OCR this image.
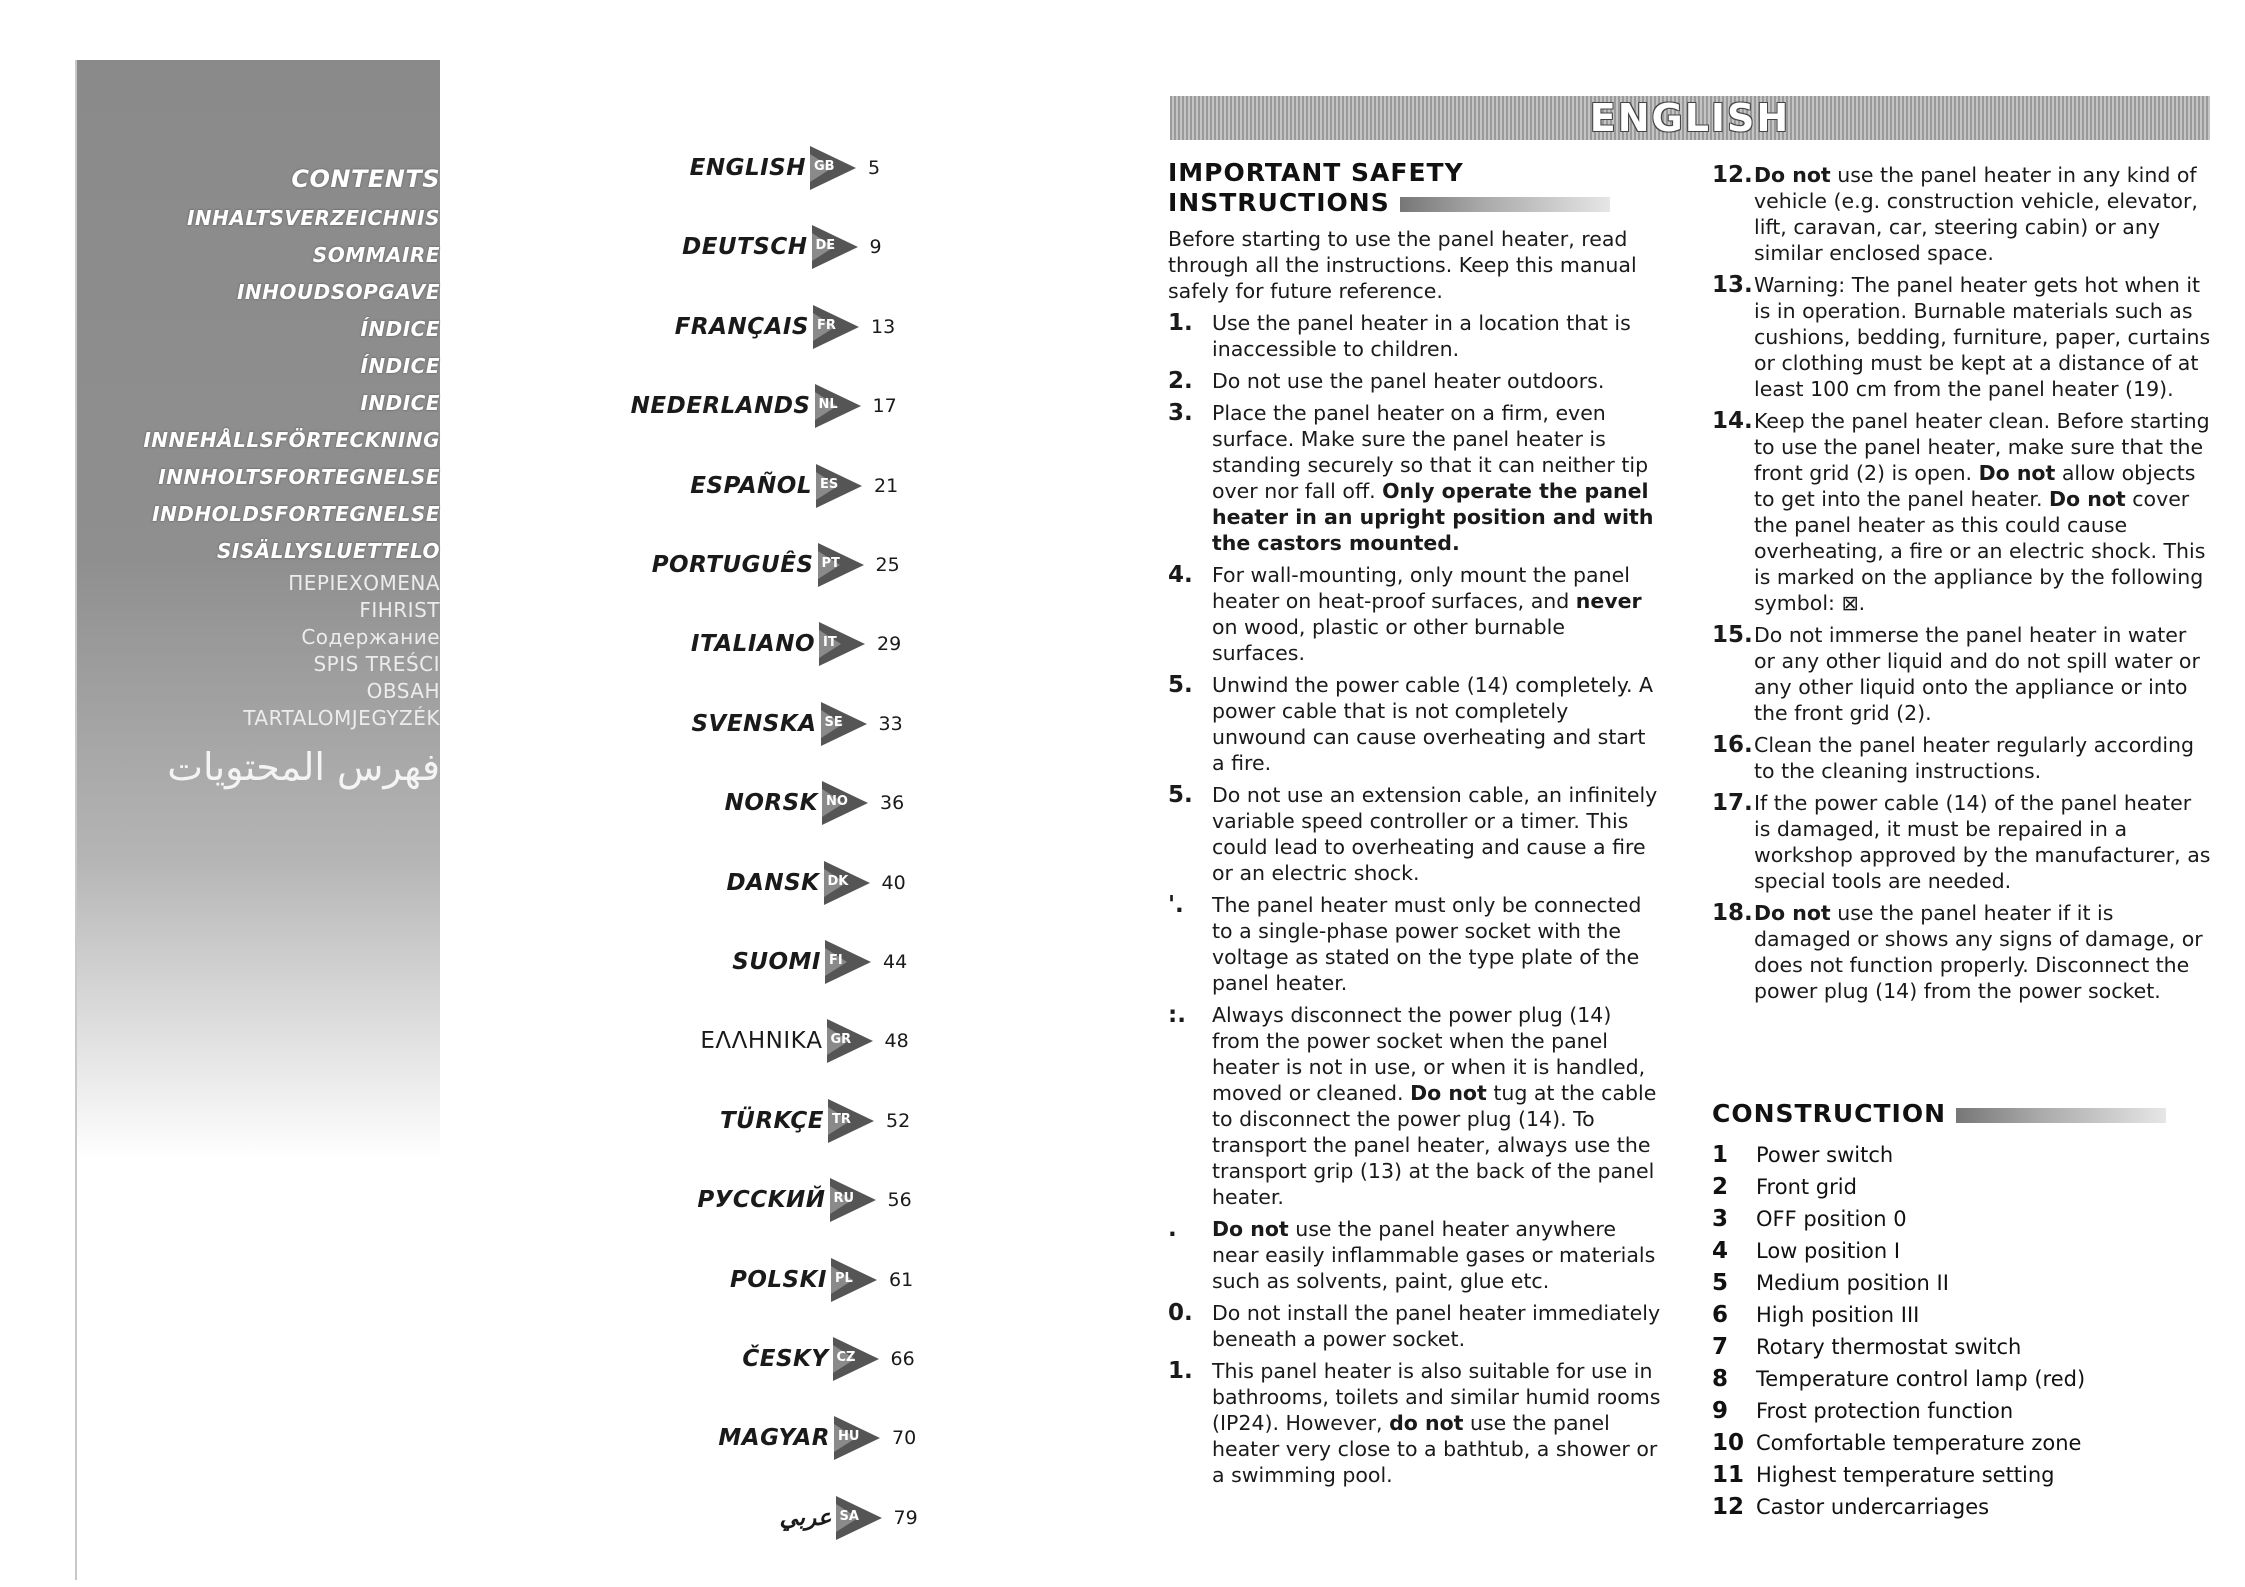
CONTENTS
INHALTSVERZEICHNIS
SOMMAIRE
INHOUDSOPGAVE
ÍNDICE
ÍNDICE
INDICE
INNEHÅLLSFÖRTECKNING
INNHOLTSFORTEGNELSE
INDHOLDSFORTEGNELSE
SISÄLLYSLUETTELO
ΠΕΡΙΕΧΟΜΕΝΑ
FIHRIST
Содержание
SPIS TREŚCI
OBSAH
TARTALOMJEGYZÉK
فهرس المحتويات
ENGLISH GB 5
DEUTSCH DE 9
FRANÇAIS FR 13
NEDERLANDS NL 17
ESPAÑOL ES 21
PORTUGUÊS PT 25
ITALIANO IT 29
SVENSKA SE 33
NORSK NO 36
DANSK DK 40
SUOMI FI 44
ΕΛΛΗΝΙΚΑ GR 48
TÜRKÇE TR 52
PУCCKИЙ RU 56
POLSKI PL 61
ČESKY CZ 66
MAGYAR HU 70
عربي SA 79
ENGLISH
IMPORTANT SAFETY
INSTRUCTIONS

Before starting to use the panel heater, read through all the instructions. Keep this manual safely for future reference.

1. Use the panel heater in a location that is inaccessible to children.
2. Do not use the panel heater outdoors.
3. Place the panel heater on a firm, even surface. Make sure the panel heater is standing securely so that it can neither tip over nor fall off. Only operate the panel heater in an upright position and with the castors mounted.
4. For wall-mounting, only mount the panel heater on heat-proof surfaces, and never on wood, plastic or other burnable surfaces.
5. Unwind the power cable (14) completely. A power cable that is not completely unwound can cause overheating and start a fire.
5. Do not use an extension cable, an infinitely variable speed controller or a timer. This could lead to overheating and cause a fire or an electric shock.
'. The panel heater must only be connected to a single-phase power socket with the voltage as stated on the type plate of the panel heater.
:. Always disconnect the power plug (14) from the power socket when the panel heater is not in use, or when it is handled, moved or cleaned. Do not tug at the cable to disconnect the power plug (14). To transport the panel heater, always use the transport grip (13) at the back of the panel heater.
. Do not use the panel heater anywhere near easily inflammable gases or materials such as solvents, paint, glue etc.
0. Do not install the panel heater immediately beneath a power socket.
1. This panel heater is also suitable for use in bathrooms, toilets and similar humid rooms (IP24). However, do not use the panel heater very close to a bathtub, a shower or a swimming pool.
12. Do not use the panel heater in any kind of vehicle (e.g. construction vehicle, elevator, lift, caravan, car, steering cabin) or any similar enclosed space.
13. Warning: The panel heater gets hot when it is in operation. Burnable materials such as cushions, bedding, furniture, paper, curtains or clothing must be kept at a distance of at least 100 cm from the panel heater (19).
14. Keep the panel heater clean. Before starting to use the panel heater, make sure that the front grid (2) is open. Do not allow objects to get into the panel heater. Do not cover the panel heater as this could cause overheating, a fire or an electric shock. This is marked on the appliance by the following symbol: ⊠.
15. Do not immerse the panel heater in water or any other liquid and do not spill water or any other liquid onto the appliance or into the front grid (2).
16. Clean the panel heater regularly according to the cleaning instructions.
17. If the power cable (14) of the panel heater is damaged, it must be repaired in a workshop approved by the manufacturer, as special tools are needed.
18. Do not use the panel heater if it is damaged or shows any signs of damage, or does not function properly. Disconnect the power plug (14) from the power socket.
CONSTRUCTION
1 Power switch
2 Front grid
3 OFF position 0
4 Low position I
5 Medium position II
6 High position III
7 Rotary thermostat switch
8 Temperature control lamp (red)
9 Frost protection function
10 Comfortable temperature zone
11 Highest temperature setting
12 Castor undercarriages
